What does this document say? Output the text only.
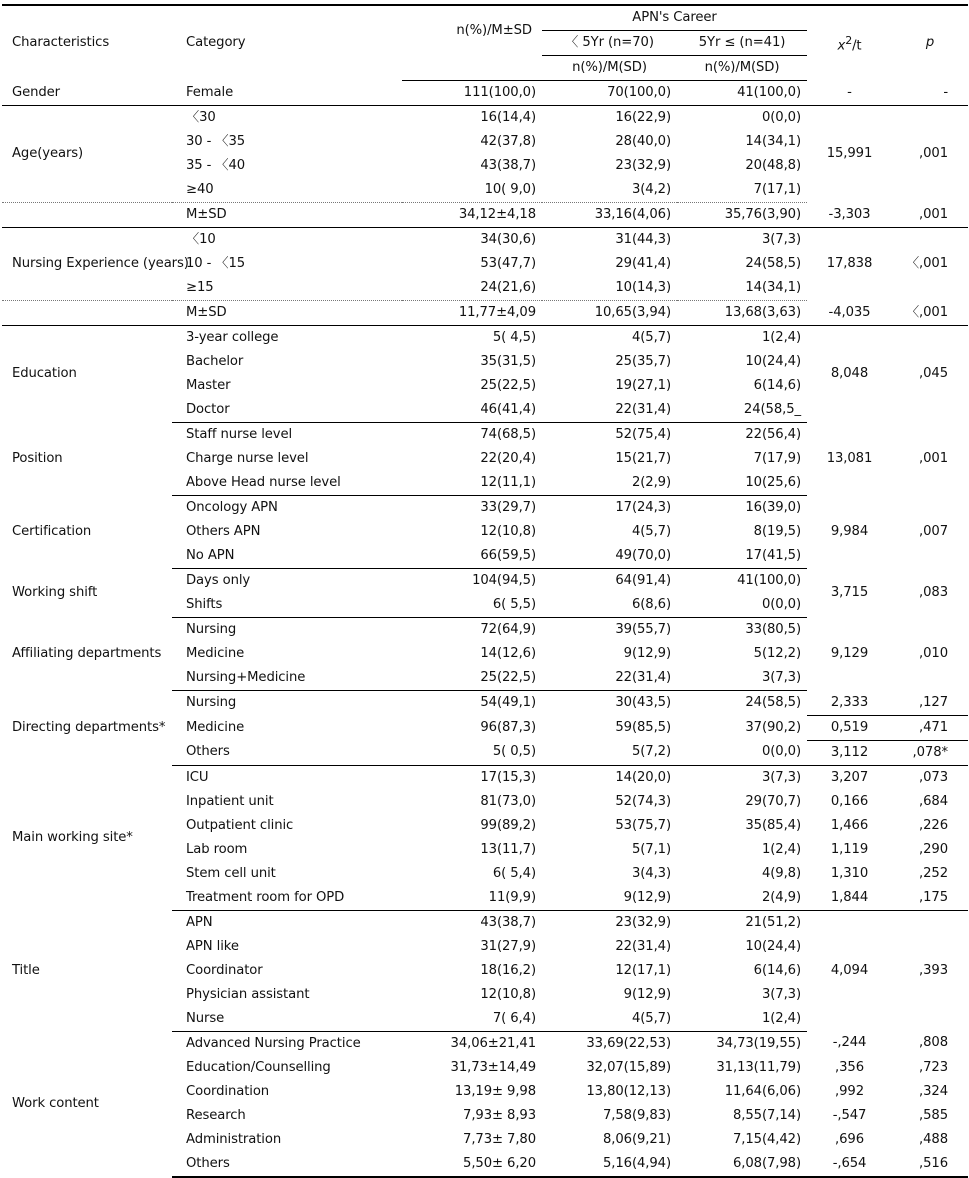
Characteristics	Category	n(%)/M±SD	APN's Career		$x^2/t$	p
			〈 5Yr (n=70)	5Yr ≤ (n=41)		
			n(%)/M(SD)	n(%)/M(SD)		
Gender	Female	111(100,0)	70(100,0)	41(100,0)	-	-
Age(years)	〈30	16(14,4)	16(22,9)	0(0,0)	15,991	,001
	30 - 〈35	42(37,8)	28(40,0)	14(34,1)		
	35 - 〈40	43(38,7)	23(32,9)	20(48,8)		
	≥40	10( 9,0)	3(4,2)	7(17,1)		
	M±SD	34,12±4,18	33,16(4,06)	35,76(3,90)	-3,303	,001
Nursing Experience (years)	〈10	34(30,6)	31(44,3)	3(7,3)	17,838	〈,001
	10 - 〈15	53(47,7)	29(41,4)	24(58,5)		
	≥15	24(21,6)	10(14,3)	14(34,1)		
	M±SD	11,77±4,09	10,65(3,94)	13,68(3,63)	-4,035	〈,001
Education	3-year college	5( 4,5)	4(5,7)	1(2,4)	8,048	,045
	Bachelor	35(31,5)	25(35,7)	10(24,4)		
	Master	25(22,5)	19(27,1)	6(14,6)		
	Doctor	46(41,4)	22(31,4)	24(58,5_		
Position	Staff nurse level	74(68,5)	52(75,4)	22(56,4)	13,081	,001
	Charge nurse level	22(20,4)	15(21,7)	7(17,9)		
	Above Head nurse level	12(11,1)	2(2,9)	10(25,6)		
Certification	Oncology APN	33(29,7)	17(24,3)	16(39,0)	9,984	,007
	Others APN	12(10,8)	4(5,7)	8(19,5)		
	No APN	66(59,5)	49(70,0)	17(41,5)		
Working shift	Days only	104(94,5)	64(91,4)	41(100,0)	3,715	,083
	Shifts	6( 5,5)	6(8,6)	0(0,0)		
Affiliating departments	Nursing	72(64,9)	39(55,7)	33(80,5)	9,129	,010
	Medicine	14(12,6)	9(12,9)	5(12,2)		
	Nursing+Medicine	25(22,5)	22(31,4)	3(7,3)		
Directing departments*	Nursing	54(49,1)	30(43,5)	24(58,5)	2,333	,127
	Medicine	96(87,3)	59(85,5)	37(90,2)	0,519	,471
	Others	5( 0,5)	5(7,2)	0(0,0)	3,112	,078*
Main working site*	ICU	17(15,3)	14(20,0)	3(7,3)	3,207	,073
	Inpatient unit	81(73,0)	52(74,3)	29(70,7)	0,166	,684
	Outpatient clinic	99(89,2)	53(75,7)	35(85,4)	1,466	,226
	Lab room	13(11,7)	5(7,1)	1(2,4)	1,119	,290
	Stem cell unit	6( 5,4)	3(4,3)	4(9,8)	1,310	,252
	Treatment room for OPD	11(9,9)	9(12,9)	2(4,9)	1,844	,175
Title	APN	43(38,7)	23(32,9)	21(51,2)	4,094	,393
	APN like	31(27,9)	22(31,4)	10(24,4)		
	Coordinator	18(16,2)	12(17,1)	6(14,6)		
	Physician assistant	12(10,8)	9(12,9)	3(7,3)		
	Nurse	7( 6,4)	4(5,7)	1(2,4)		
Work content	Advanced Nursing Practice	34,06±21,41	33,69(22,53)	34,73(19,55)	-,244	,808
	Education/Counselling	31,73±14,49	32,07(15,89)	31,13(11,79)	,356	,723
	Coordination	13,19± 9,98	13,80(12,13)	11,64(6,06)	,992	,324
	Research	7,93± 8,93	7,58(9,83)	8,55(7,14)	-,547	,585
	Administration	7,73± 7,80	8,06(9,21)	7,15(4,42)	,696	,488
	Others	5,50± 6,20	5,16(4,94)	6,08(7,98)	-,654	,516
